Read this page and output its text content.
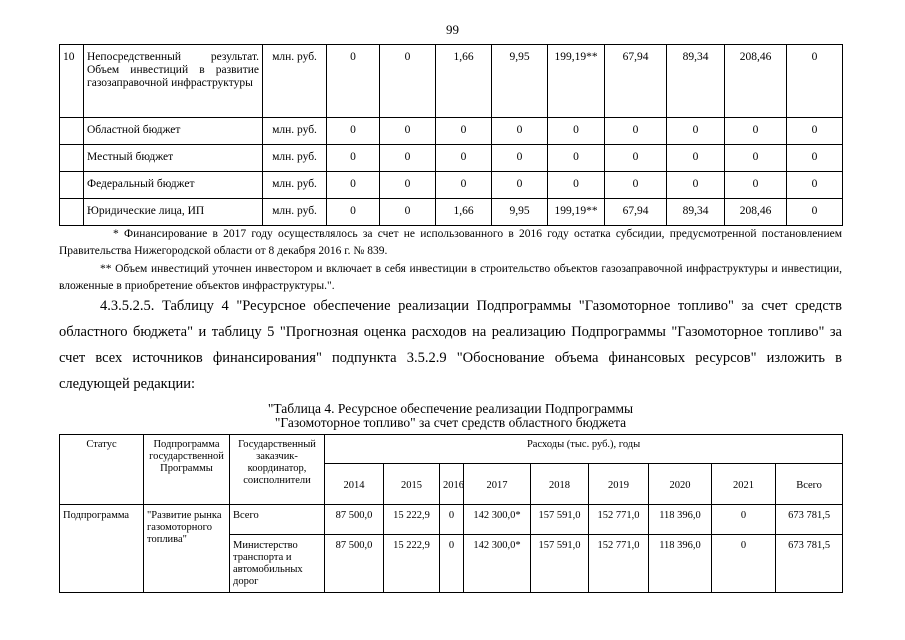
99
10	Непосредственный результат. Объем инвестиций в развитие газозаправочной инфраструктуры	млн. руб.	0	0	1,66	9,95	199,19**	67,94	89,34	208,46	0
	Областной бюджет	млн. руб.	0	0	0	0	0	0	0	0	0
	Местный бюджет	млн. руб.	0	0	0	0	0	0	0	0	0
	Федеральный бюджет	млн. руб.	0	0	0	0	0	0	0	0	0
	Юридические лица, ИП	млн. руб.	0	0	1,66	9,95	199,19**	67,94	89,34	208,46	0
* Финансирование в 2017 году осуществлялось за счет не использованного в 2016 году остатка субсидии, предусмотренной постановлением Правительства Нижегородской области от 8 декабря 2016 г. № 839.
** Объем инвестиций уточнен инвестором и включает в себя инвестиции в строительство объектов газозаправочной инфраструктуры и инвестиции, вложенные в приобретение объектов инфраструктуры.".
4.3.5.2.5. Таблицу 4 "Ресурсное обеспечение реализации Подпрограммы "Газомоторное топливо" за счет средств областного бюджета" и таблицу 5 "Прогнозная оценка расходов на реализацию Подпрограммы "Газомоторное топливо" за счет всех источников финансирования" подпункта 3.5.2.9 "Обоснование объема финансовых ресурсов" изложить в следующей редакции:
"Таблица 4. Ресурсное обеспечение реализации Подпрограммы
"Газомоторное топливо" за счет средств областного бюджета
Статус	Подпрограмма государственной Программы	Государственный заказчик-координатор, соисполнители	Расходы (тыс. руб.), годы								
			2014	2015	2016	2017	2018	2019	2020	2021	Всего
Подпрограмма	"Развитие рынка газомоторного топлива"	Всего	87 500,0	15 222,9	0	142 300,0*	157 591,0	152 771,0	118 396,0	0	673 781,5
		Министерство транспорта и автомобильных дорог	87 500,0	15 222,9	0	142 300,0*	157 591,0	152 771,0	118 396,0	0	673 781,5
